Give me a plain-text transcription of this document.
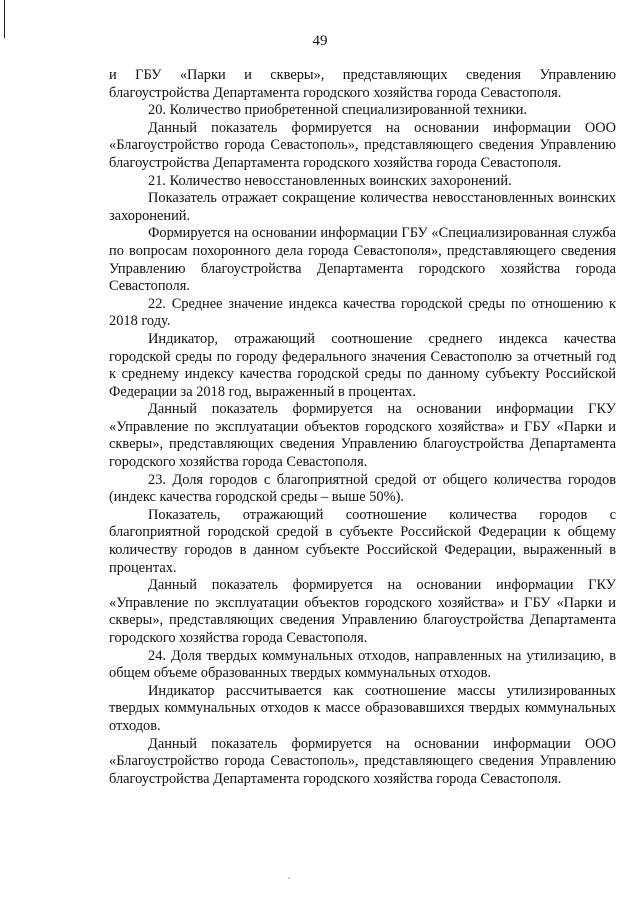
49

и ГБУ «Парки и скверы», представляющих сведения Управлению благоустройства Департамента городского хозяйства города Севастополя.

20. Количество приобретенной специализированной техники.

Данный показатель формируется на основании информации ООО «Благоустройство города Севастополь», представляющего сведения Управлению благоустройства Департамента городского хозяйства города Севастополя.

21. Количество невосстановленных воинских захоронений.

Показатель отражает сокращение количества невосстановленных воинских захоронений.

Формируется на основании информации ГБУ «Специализированная служба по вопросам похоронного дела города Севастополя», представляющего сведения Управлению благоустройства Департамента городского хозяйства города Севастополя.

22. Среднее значение индекса качества городской среды по отношению к 2018 году.

Индикатор, отражающий соотношение среднего индекса качества городской среды по городу федерального значения Севастополю за отчетный год к среднему индексу качества городской среды по данному субъекту Российской Федерации за 2018 год, выраженный в процентах.

Данный показатель формируется на основании информации ГКУ «Управление по эксплуатации объектов городского хозяйства» и ГБУ «Парки и скверы», представляющих сведения Управлению благоустройства Департамента городского хозяйства города Севастополя.

23. Доля городов с благоприятной средой от общего количества городов (индекс качества городской среды – выше 50%).

Показатель, отражающий соотношение количества городов с благоприятной городской средой в субъекте Российской Федерации к общему количеству городов в данном субъекте Российской Федерации, выраженный в процентах.

Данный показатель формируется на основании информации ГКУ «Управление по эксплуатации объектов городского хозяйства» и ГБУ «Парки и скверы», представляющих сведения Управлению благоустройства Департамента городского хозяйства города Севастополя.

24. Доля твердых коммунальных отходов, направленных на утилизацию, в общем объеме образованных твердых коммунальных отходов.

Индикатор рассчитывается как соотношение массы утилизированных твердых коммунальных отходов к массе образовавшихся твердых коммунальных отходов.

Данный показатель формируется на основании информации ООО «Благоустройство города Севастополь», представляющего сведения Управлению благоустройства Департамента городского хозяйства города Севастополя.
